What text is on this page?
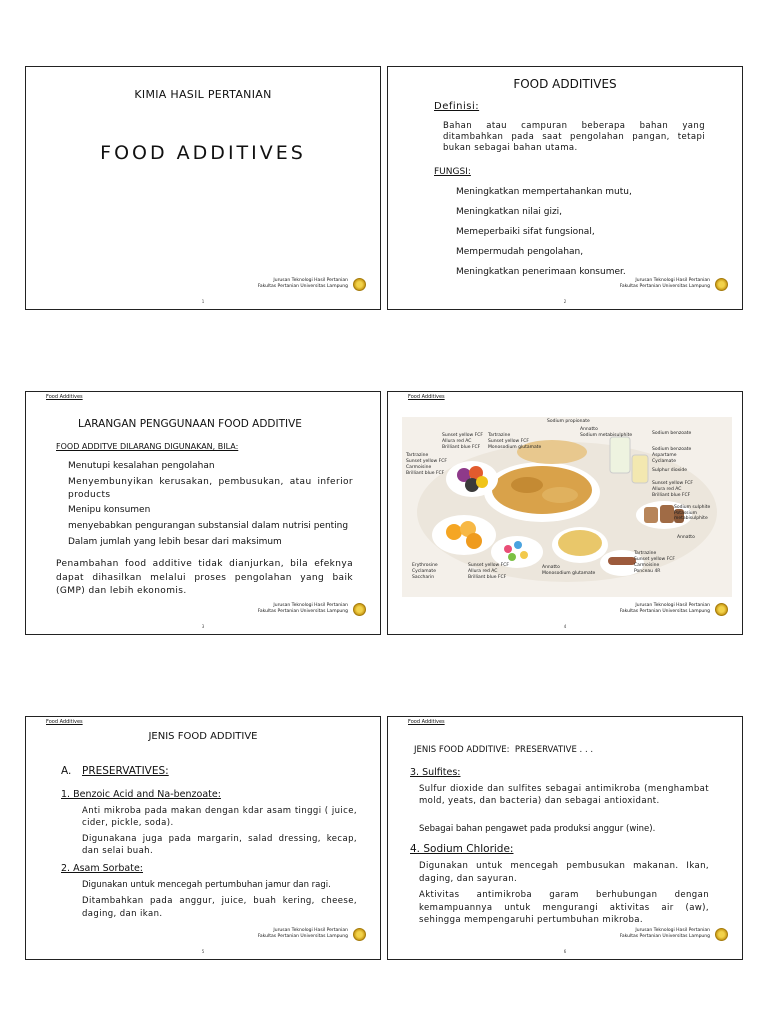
KIMIA HASIL PERTANIAN
FOOD ADDITIVES
Jurusan Teknologi Hasil Pertanian
Fakultas Pertanian Universitas Lampung
1
FOOD ADDITIVES
Definisi:
Bahan atau campuran beberapa bahan yang ditambahkan pada saat pengolahan pangan, tetapi bukan sebagai bahan utama.
FUNGSI:
Meningkatkan mempertahankan mutu,
Meningkatkan nilai gizi,
Memeperbaiki sifat fungsional,
Mempermudah pengolahan,
Meningkatkan penerimaan konsumer.
Jurusan Teknologi Hasil Pertanian
Fakultas Pertanian Universitas Lampung
2
Food Additives
LARANGAN PENGGUNAAN FOOD ADDITIVE
FOOD ADDITVE DILARANG DIGUNAKAN, BILA:
Menutupi kesalahan pengolahan
Menyembunyikan kerusakan, pembusukan, atau inferior products
Menipu konsumen
menyebabkan pengurangan substansial dalam nutrisi penting
Dalam jumlah yang lebih besar dari maksimum
Penambahan food additive tidak dianjurkan, bila efeknya dapat dihasilkan melalui proses pengolahan yang baik (GMP) dan lebih ekonomis.
Jurusan Teknologi Hasil Pertanian
Fakultas Pertanian Universitas Lampung
3
Food Additives
Sodium propionate
Annatto
Sodium metabisulphite
Sunset yellow FCF
Allura red AC
Brilliant blue FCF
Tartrazine
Sunset yellow FCF
Monosodium glutamate
Tartrazine
Sunset yellow FCF
Carmoisine
Brilliant blue FCF
Sodium benzoate
Sodium benzoate
Aspartame
Cyclamate
Sulphur dioxide
Sunset yellow FCF
Allura red AC
Brilliant blue FCF
Sodium sulphite
Potassium metabisulphite
Annatto
Erythrosine
Cyclamate
Saccharin
Sunset yellow FCF
Allura red AC
Brilliant blue FCF
Annatto
Monosodium glutamate
Tartrazine
Sunset yellow FCF
Carmoisine
Ponceau 4R
Jurusan Teknologi Hasil Pertanian
Fakultas Pertanian Universitas Lampung
4
Food Additives
JENIS FOOD ADDITIVE
A. PRESERVATIVES:
1. Benzoic Acid and Na-benzoate:
Anti mikroba pada makan dengan kdar asam tinggi ( juice, cider, pickle, soda).
Digunakana juga pada margarin, salad dressing, kecap, dan selai buah.
2. Asam Sorbate:
Digunakan untuk mencegah pertumbuhan jamur dan ragi.
Ditambahkan pada anggur, juice, buah kering, cheese, daging, dan ikan.
Jurusan Teknologi Hasil Pertanian
Fakultas Pertanian Universitas Lampung
5
Food Additives
JENIS FOOD ADDITIVE:  PRESERVATIVE . . .
3. Sulfites:
Sulfur dioxide dan sulfites sebagai antimikroba (menghambat mold, yeats, dan bacteria) dan sebagai antioxidant.
Sebagai bahan pengawet pada produksi anggur (wine).
4. Sodium Chloride:
Digunakan untuk mencegah pembusukan makanan. Ikan, daging, dan sayuran.
Aktivitas antimikroba garam berhubungan dengan kemampuannya untuk mengurangi aktivitas air (aw), sehingga mempengaruhi pertumbuhan mikroba.
Jurusan Teknologi Hasil Pertanian
Fakultas Pertanian Universitas Lampung
6
